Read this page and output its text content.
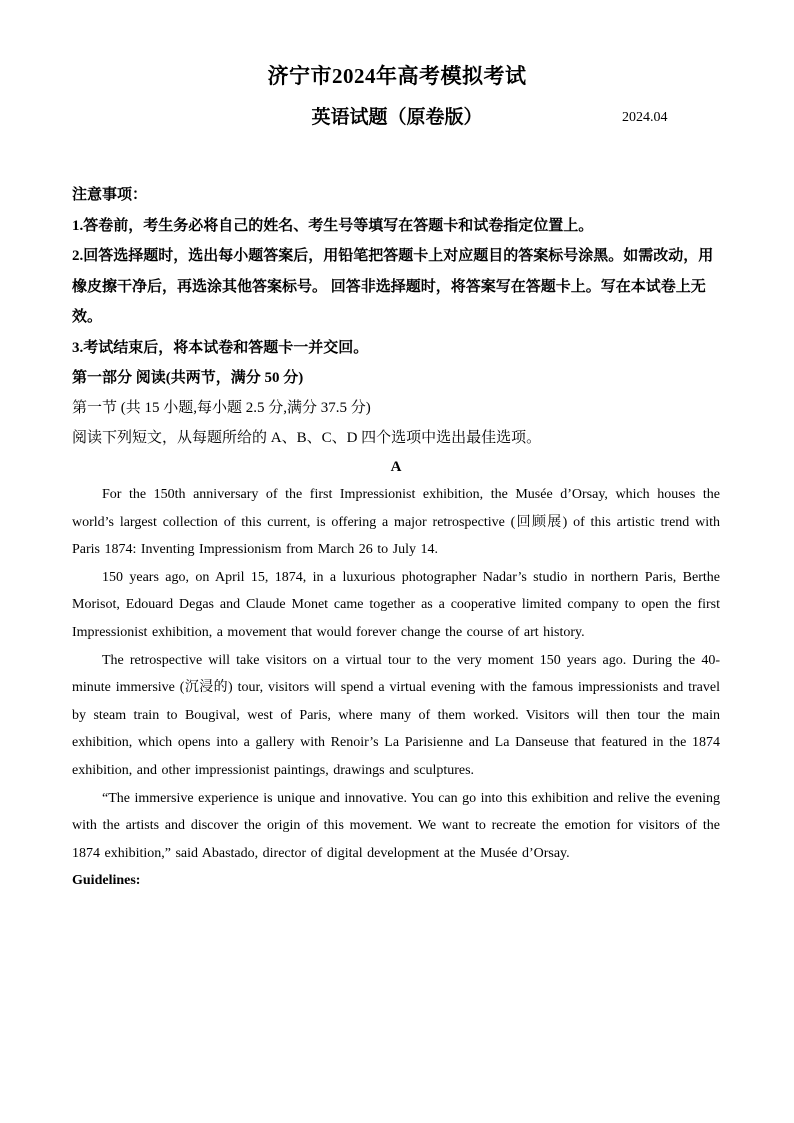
济宁市2024年高考模拟考试
英语试题（原卷版）	2024.04

注意事项：

1.答卷前，考生务必将自己的姓名、考生号等填写在答题卡和试卷指定位置上。

2.回答选择题时，选出每小题答案后，用铅笔把答题卡上对应题目的答案标号涂黑。如需改动，用橡皮擦干净后，再选涂其他答案标号。 回答非选择题时，将答案写在答题卡上。写在本试卷上无效。

3.考试结束后，将本试卷和答题卡一并交回。

第一部分 阅读(共两节，满分 50 分)

第一节 (共 15 小题,每小题 2.5 分,满分 37.5 分)

阅读下列短文，从每题所给的 A、B、C、D 四个选项中选出最佳选项。

A

For the 150th anniversary of the first Impressionist exhibition, the Musée d’Orsay, which houses the world’s largest collection of this current, is offering a major retrospective (回顾展) of this artistic trend with Paris 1874: Inventing Impressionism from March 26 to July 14.

150 years ago, on April 15, 1874, in a luxurious photographer Nadar’s studio in northern Paris, Berthe Morisot, Edouard Degas and Claude Monet came together as a cooperative limited company to open the first Impressionist exhibition, a movement that would forever change the course of art history.

The retrospective will take visitors on a virtual tour to the very moment 150 years ago. During the 40-minute immersive (沉浸的) tour, visitors will spend a virtual evening with the famous impressionists and travel by steam train to Bougival, west of Paris, where many of them worked. Visitors will then tour the main exhibition, which opens into a gallery with Renoir’s La Parisienne and La Danseuse that featured in the 1874 exhibition, and other impressionist paintings, drawings and sculptures.

“The immersive experience is unique and innovative. You can go into this exhibition and relive the evening with the artists and discover the origin of this movement. We want to recreate the emotion for visitors of the 1874 exhibition,” said Abastado, director of digital development at the Musée d’Orsay.

Guidelines:
